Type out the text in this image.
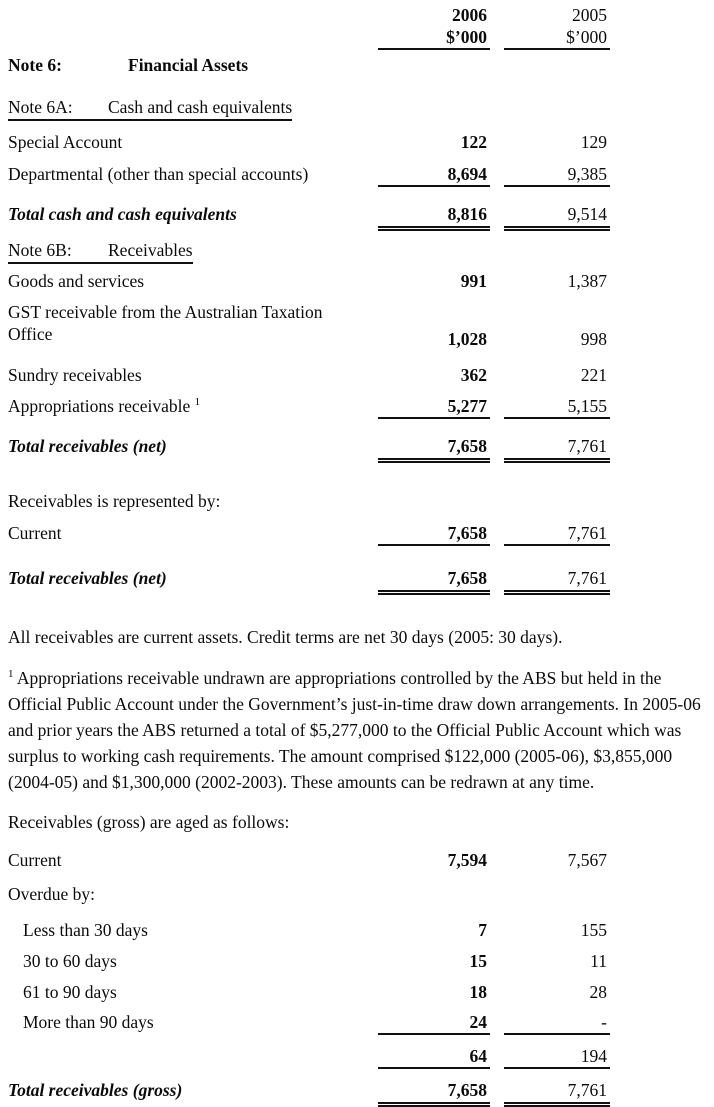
2006	2005
$’000	$’000
Note 6:	Financial Assets
Note 6A: Cash and cash equivalents
Special Account	122	129
Departmental (other than special accounts)	8,694	9,385
Total cash and cash equivalents	8,816	9,514
Note 6B: Receivables
Goods and services	991	1,387
GST receivable from the Australian Taxation
Office	1,028	998
Sundry receivables	362	221
Appropriations receivable $^1$	5,277	5,155
Total receivables (net)	7,658	7,761
Receivables is represented by:
Current	7,658	7,761
Total receivables (net)	7,658	7,761
All receivables are current assets. Credit terms are net 30 days (2005: 30 days).
$^1$ Appropriations receivable undrawn are appropriations controlled by the ABS but held in the Official Public Account under the Government’s just-in-time draw down arrangements. In 2005-06 and prior years the ABS returned a total of $5,277,000 to the Official Public Account which was surplus to working cash requirements. The amount comprised $122,000 (2005-06), $3,855,000 (2004-05) and $1,300,000 (2002-2003). These amounts can be redrawn at any time.
Receivables (gross) are aged as follows:
Current	7,594	7,567
Overdue by:
Less than 30 days	7	155
30 to 60 days	15	11
61 to 90 days	18	28
More than 90 days	24	-
64	194
Total receivables (gross)	7,658	7,761
